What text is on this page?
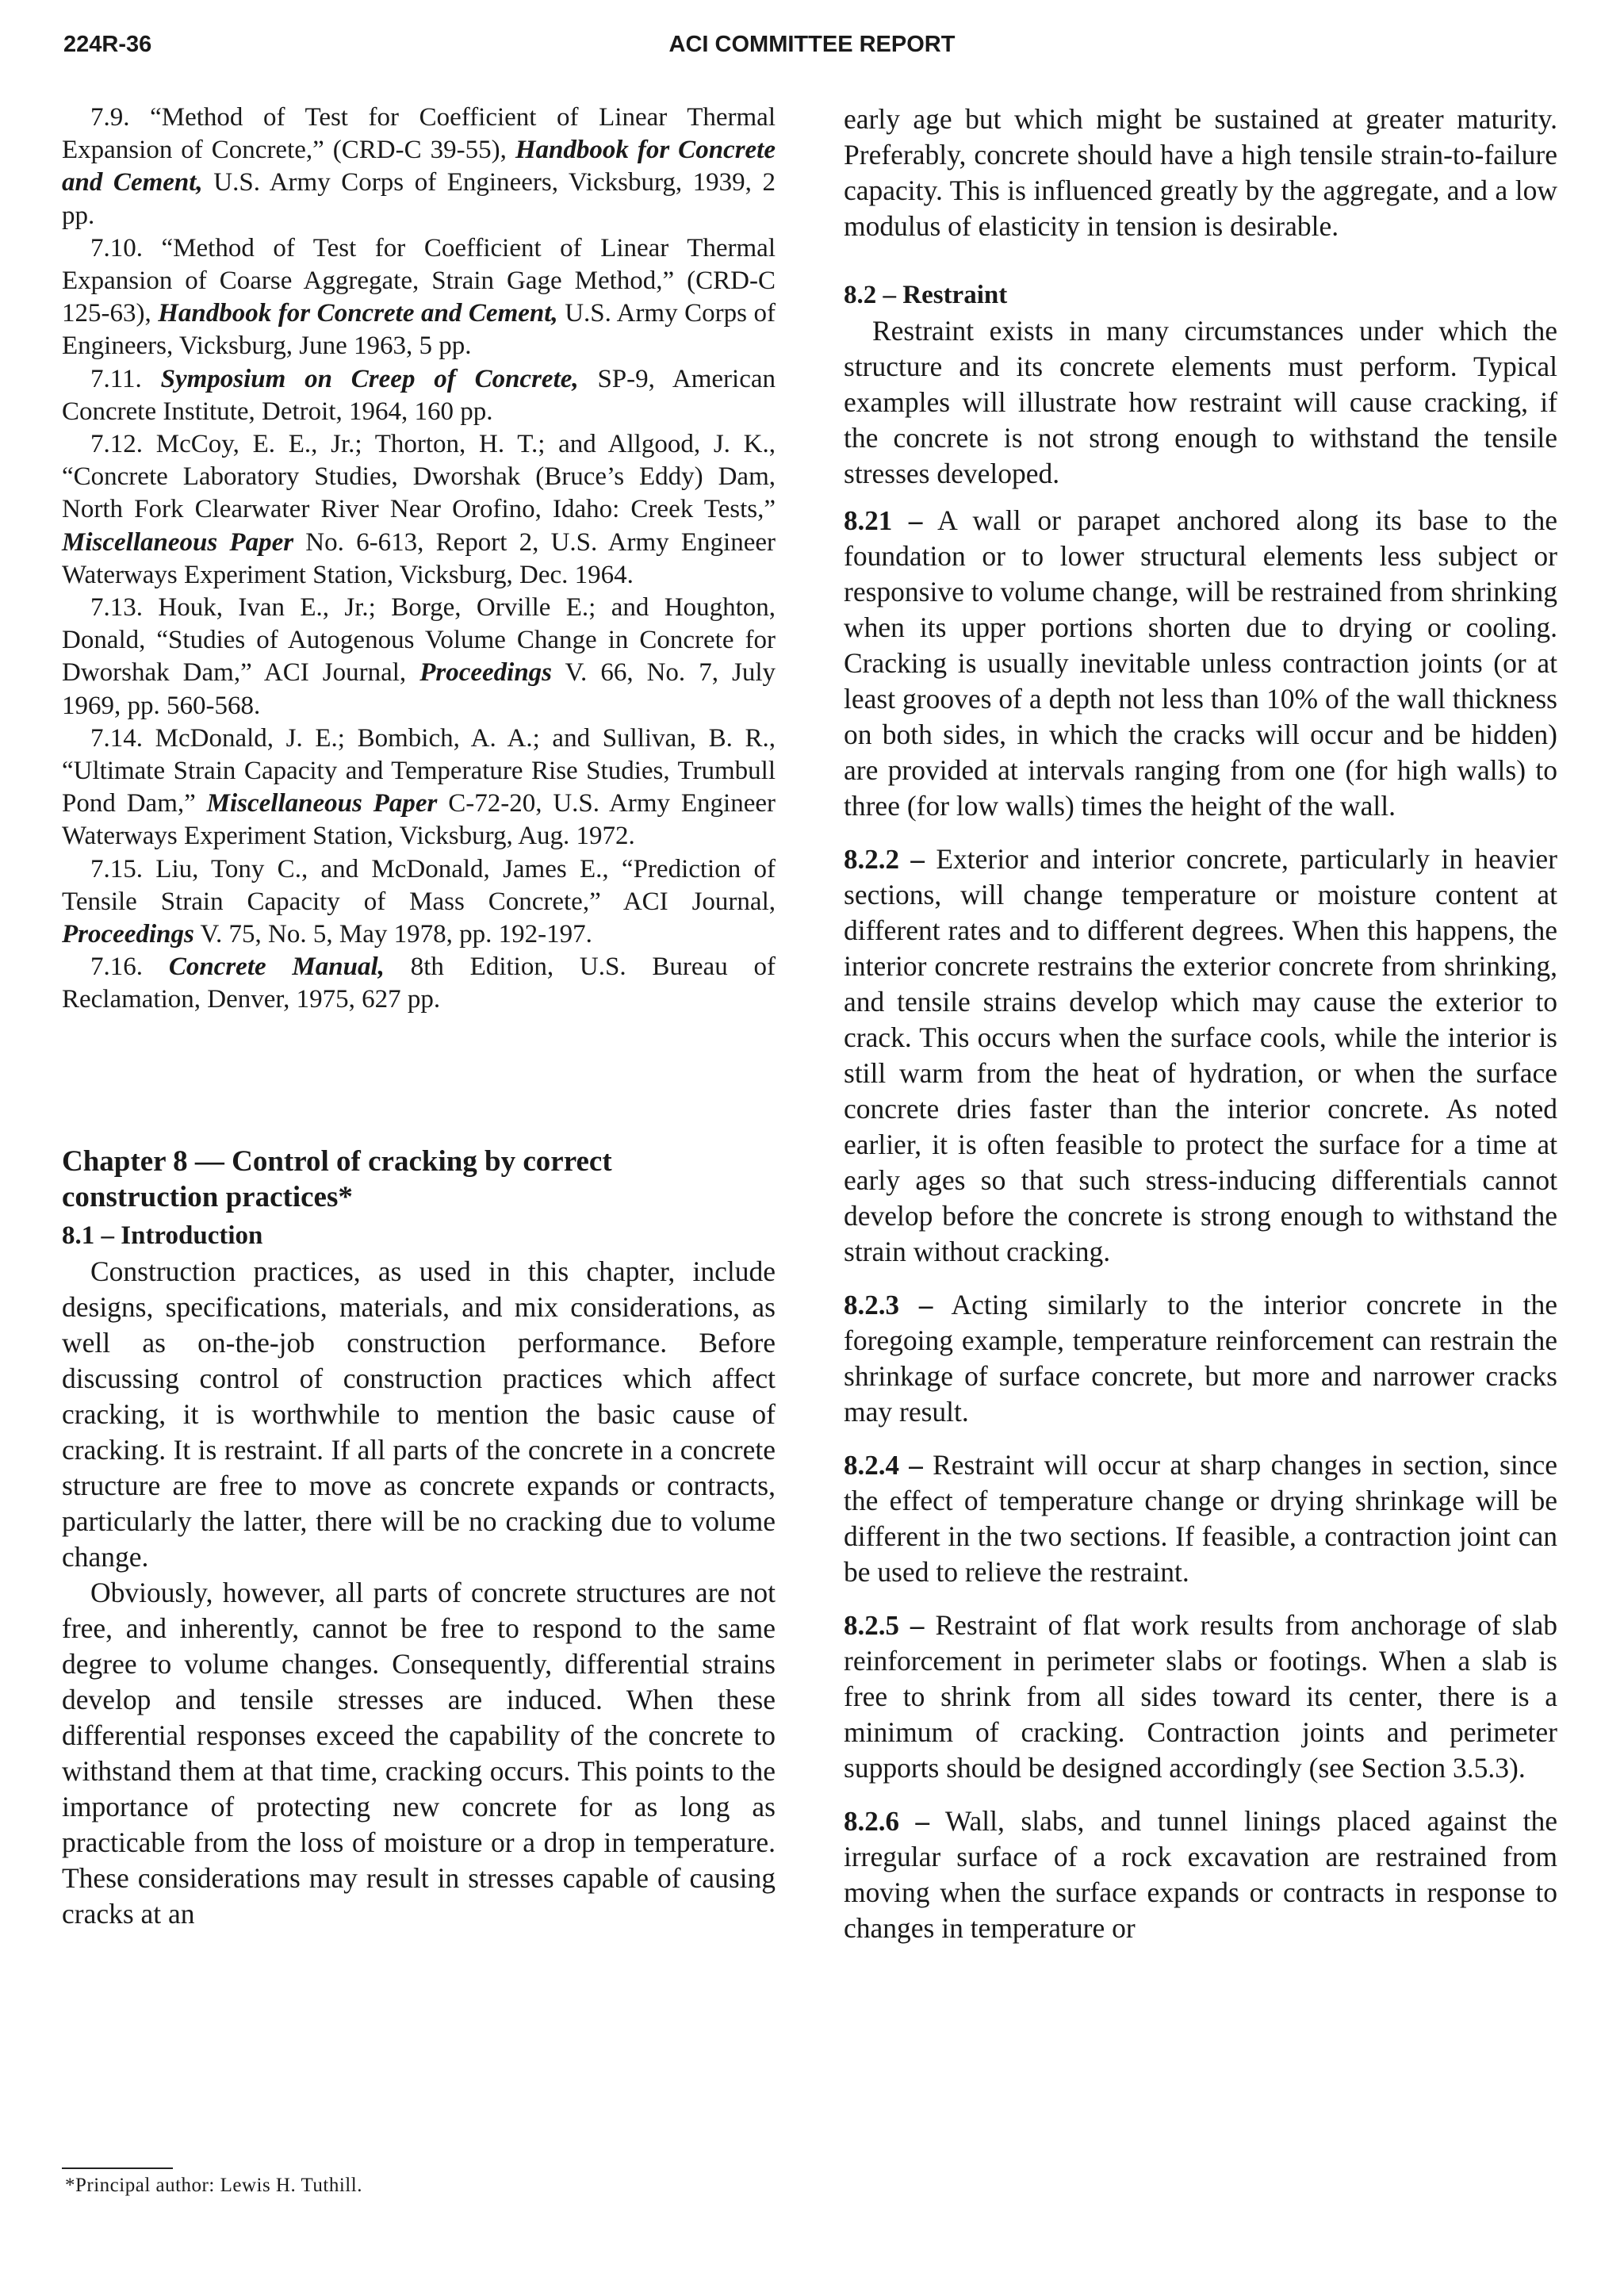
224R-36	ACI COMMITTEE REPORT

7.9. “Method of Test for Coefficient of Linear Thermal Expansion of Concrete,” (CRD-C 39-55), Handbook for Concrete and Cement, U.S. Army Corps of Engineers, Vicksburg, 1939, 2 pp.

7.10. “Method of Test for Coefficient of Linear Thermal Expansion of Coarse Aggregate, Strain Gage Method,” (CRD-C 125-63), Handbook for Concrete and Cement, U.S. Army Corps of Engineers, Vicksburg, June 1963, 5 pp.

7.11. Symposium on Creep of Concrete, SP-9, American Concrete Institute, Detroit, 1964, 160 pp.

7.12. McCoy, E. E., Jr.; Thorton, H. T.; and Allgood, J. K., “Concrete Laboratory Studies, Dworshak (Bruce’s Eddy) Dam, North Fork Clearwater River Near Orofino, Idaho: Creek Tests,” Miscellaneous Paper No. 6-613, Report 2, U.S. Army Engineer Waterways Experiment Station, Vicksburg, Dec. 1964.

7.13. Houk, Ivan E., Jr.; Borge, Orville E.; and Houghton, Donald, “Studies of Autogenous Volume Change in Concrete for Dworshak Dam,” ACI Journal, Proceedings V. 66, No. 7, July 1969, pp. 560-568.

7.14. McDonald, J. E.; Bombich, A. A.; and Sullivan, B. R., “Ultimate Strain Capacity and Temperature Rise Studies, Trumbull Pond Dam,” Miscellaneous Paper C-72-20, U.S. Army Engineer Waterways Experiment Station, Vicksburg, Aug. 1972.

7.15. Liu, Tony C., and McDonald, James E., “Prediction of Tensile Strain Capacity of Mass Concrete,” ACI Journal, Proceedings V. 75, No. 5, May 1978, pp. 192-197.

7.16. Concrete Manual, 8th Edition, U.S. Bureau of Reclamation, Denver, 1975, 627 pp.

Chapter 8 — Control of cracking by correct construction practices*
8.1 – Introduction

Construction practices, as used in this chapter, include designs, specifications, materials, and mix considerations, as well as on-the-job construction performance. Before discussing control of construction practices which affect cracking, it is worthwhile to mention the basic cause of cracking. It is restraint. If all parts of the concrete in a concrete structure are free to move as concrete expands or contracts, particularly the latter, there will be no cracking due to volume change.

Obviously, however, all parts of concrete structures are not free, and inherently, cannot be free to respond to the same degree to volume changes. Consequently, differential strains develop and tensile stresses are induced. When these differential responses exceed the capability of the concrete to withstand them at that time, cracking occurs. This points to the importance of protecting new concrete for as long as practicable from the loss of moisture or a drop in temperature. These considerations may result in stresses capable of causing cracks at an

*Principal author: Lewis H. Tuthill.

early age but which might be sustained at greater maturity. Preferably, concrete should have a high tensile strain-to-failure capacity. This is influenced greatly by the aggregate, and a low modulus of elasticity in tension is desirable.

8.2 – Restraint

Restraint exists in many circumstances under which the structure and its concrete elements must perform. Typical examples will illustrate how restraint will cause cracking, if the concrete is not strong enough to withstand the tensile stresses developed.

8.21 – A wall or parapet anchored along its base to the foundation or to lower structural elements less subject or responsive to volume change, will be restrained from shrinking when its upper portions shorten due to drying or cooling. Cracking is usually inevitable unless contraction joints (or at least grooves of a depth not less than 10% of the wall thickness on both sides, in which the cracks will occur and be hidden) are provided at intervals ranging from one (for high walls) to three (for low walls) times the height of the wall.

8.2.2 – Exterior and interior concrete, particularly in heavier sections, will change temperature or moisture content at different rates and to different degrees. When this happens, the interior concrete restrains the exterior concrete from shrinking, and tensile strains develop which may cause the exterior to crack. This occurs when the surface cools, while the interior is still warm from the heat of hydration, or when the surface concrete dries faster than the interior concrete. As noted earlier, it is often feasible to protect the surface for a time at early ages so that such stress-inducing differentials cannot develop before the concrete is strong enough to withstand the strain without cracking.

8.2.3 – Acting similarly to the interior concrete in the foregoing example, temperature reinforcement can restrain the shrinkage of surface concrete, but more and narrower cracks may result.

8.2.4 – Restraint will occur at sharp changes in section, since the effect of temperature change or drying shrinkage will be different in the two sections. If feasible, a contraction joint can be used to relieve the restraint.

8.2.5 – Restraint of flat work results from anchorage of slab reinforcement in perimeter slabs or footings. When a slab is free to shrink from all sides toward its center, there is a minimum of cracking. Contraction joints and perimeter supports should be designed accordingly (see Section 3.5.3).

8.2.6 – Wall, slabs, and tunnel linings placed against the irregular surface of a rock excavation are restrained from moving when the surface expands or contracts in response to changes in temperature or
